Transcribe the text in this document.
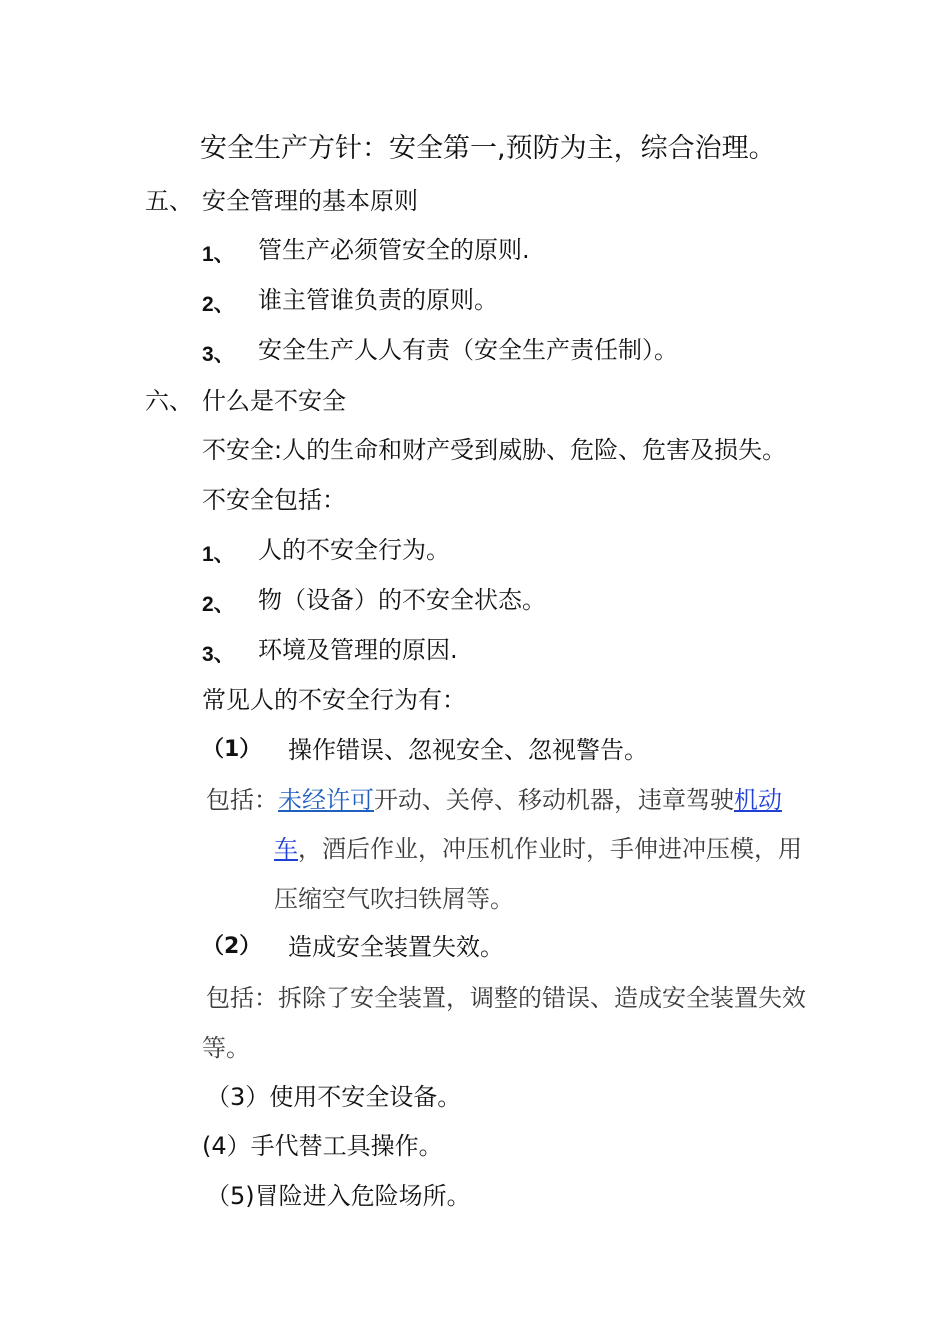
安全生产方针：安全第一,预防为主，综合治理。
五、 安全管理的基本原则
1、 管生产必须管安全的原则.
2、 谁主管谁负责的原则。
3、 安全生产人人有责（安全生产责任制）。
六、 什么是不安全
不安全:人的生命和财产受到威胁、危险、危害及损失。
不安全包括：
1、 人的不安全行为。
2、 物（设备）的不安全状态。
3、 环境及管理的原因.
常见人的不安全行为有：
（1） 操作错误、忽视安全、忽视警告。
包括：未经许可开动、关停、移动机器，违章驾驶机动
车，酒后作业，冲压机作业时，手伸进冲压模，用
压缩空气吹扫铁屑等。
（2） 造成安全装置失效。
包括：拆除了安全装置，调整的错误、造成安全装置失效
等。
（3）使用不安全设备。
(4）手代替工具操作。
（5)冒险进入危险场所。
